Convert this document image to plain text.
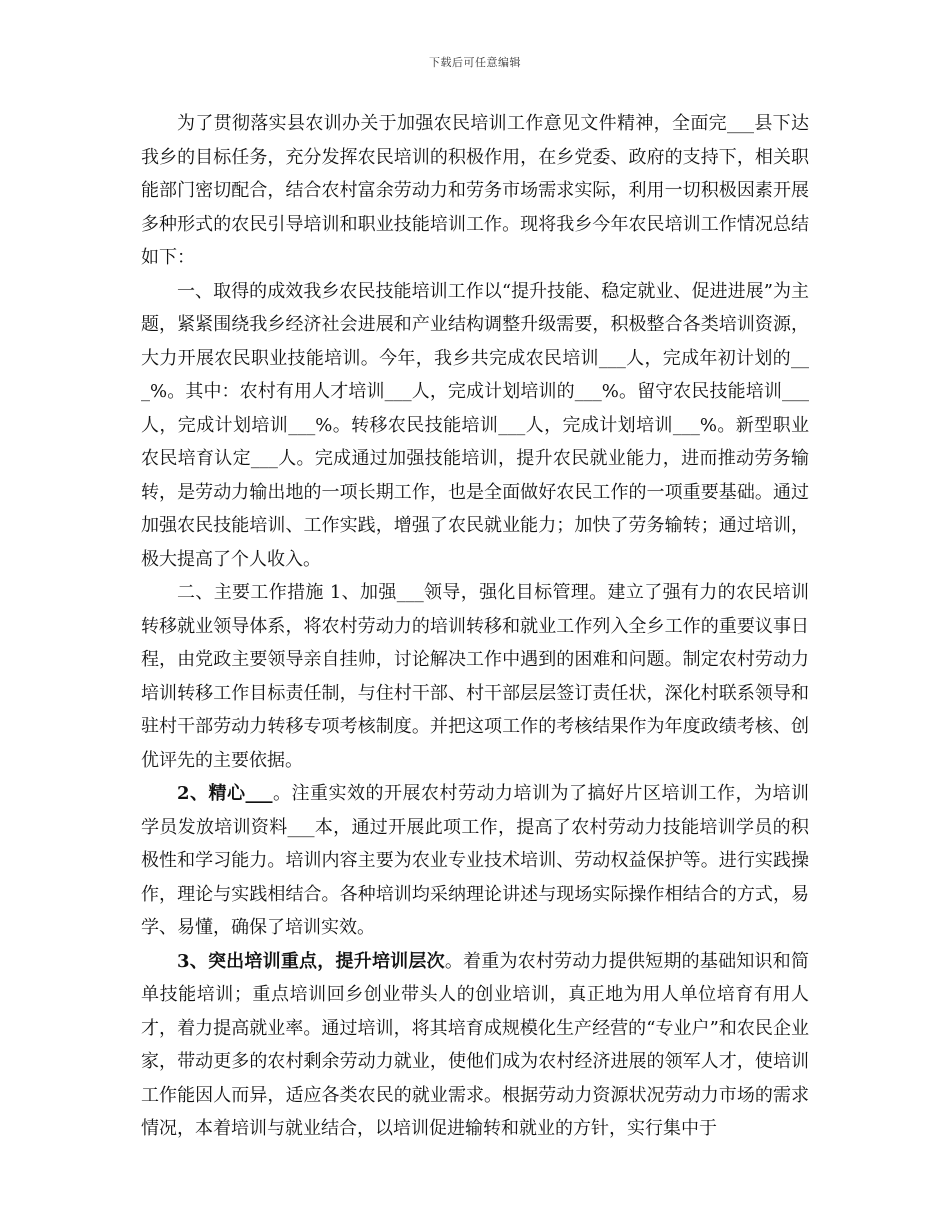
下载后可任意编辑

为了贯彻落实县农训办关于加强农民培训工作意见文件精神，全面完___县下达我乡的目标任务，充分发挥农民培训的积极作用，在乡党委、政府的支持下，相关职能部门密切配合，结合农村富余劳动力和劳务市场需求实际，利用一切积极因素开展多种形式的农民引导培训和职业技能培训工作。现将我乡今年农民培训工作情况总结如下：

一、取得的成效我乡农民技能培训工作以“提升技能、稳定就业、促进进展”为主题，紧紧围绕我乡经济社会进展和产业结构调整升级需要，积极整合各类培训资源，大力开展农民职业技能培训。今年，我乡共完成农民培训___人，完成年初计划的___%。其中：农村有用人才培训___人，完成计划培训的___%。留守农民技能培训___人，完成计划培训___%。转移农民技能培训___人，完成计划培训___%。新型职业农民培育认定___人。完成通过加强技能培训，提升农民就业能力，进而推动劳务输转，是劳动力输出地的一项长期工作，也是全面做好农民工作的一项重要基础。通过加强农民技能培训、工作实践，增强了农民就业能力；加快了劳务输转；通过培训，极大提高了个人收入。

二、主要工作措施 1、加强___领导，强化目标管理。建立了强有力的农民培训转移就业领导体系，将农村劳动力的培训转移和就业工作列入全乡工作的重要议事日程，由党政主要领导亲自挂帅，讨论解决工作中遇到的困难和问题。制定农村劳动力培训转移工作目标责任制，与住村干部、村干部层层签订责任状，深化村联系领导和驻村干部劳动力转移专项考核制度。并把这项工作的考核结果作为年度政绩考核、创优评先的主要依据。

2、精心___。注重实效的开展农村劳动力培训为了搞好片区培训工作，为培训学员发放培训资料___本，通过开展此项工作，提高了农村劳动力技能培训学员的积极性和学习能力。培训内容主要为农业专业技术培训、劳动权益保护等。进行实践操作，理论与实践相结合。各种培训均采纳理论讲述与现场实际操作相结合的方式，易学、易懂，确保了培训实效。

3、突出培训重点，提升培训层次。着重为农村劳动力提供短期的基础知识和简单技能培训；重点培训回乡创业带头人的创业培训，真正地为用人单位培育有用人才，着力提高就业率。通过培训，将其培育成规模化生产经营的“专业户”和农民企业家，带动更多的农村剩余劳动力就业，使他们成为农村经济进展的领军人才，使培训工作能因人而异，适应各类农民的就业需求。根据劳动力资源状况劳动力市场的需求情况，本着培训与就业结合，以培训促进输转和就业的方针，实行集中于
